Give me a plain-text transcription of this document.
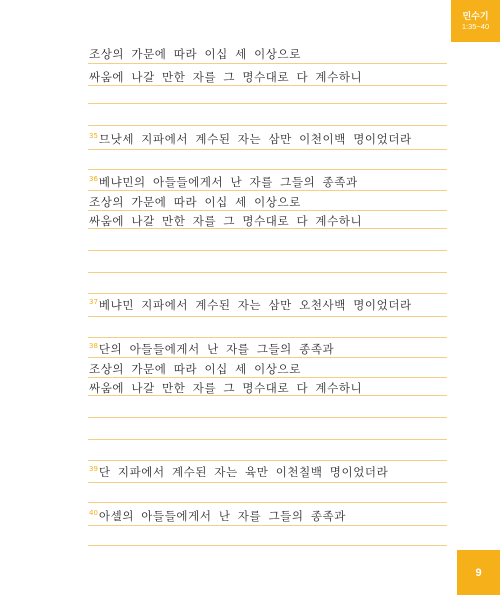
민수기
1:35~40
조상의 가문에 따라 이십 세 이상으로
싸움에 나갈 만한 자를 그 명수대로 다 계수하니
$^{35}$므낫세 지파에서 계수된 자는 삼만 이천이백 명이었더라
$^{36}$베냐민의 아들들에게서 난 자를 그들의 종족과
조상의 가문에 따라 이십 세 이상으로
싸움에 나갈 만한 자를 그 명수대로 다 계수하니
$^{37}$베냐민 지파에서 계수된 자는 삼만 오천사백 명이었더라
$^{38}$단의 아들들에게서 난 자를 그들의 종족과
조상의 가문에 따라 이십 세 이상으로
싸움에 나갈 만한 자를 그 명수대로 다 계수하니
$^{39}$단 지파에서 계수된 자는 육만 이천칠백 명이었더라
$^{40}$아셀의 아들들에게서 난 자를 그들의 종족과
9
